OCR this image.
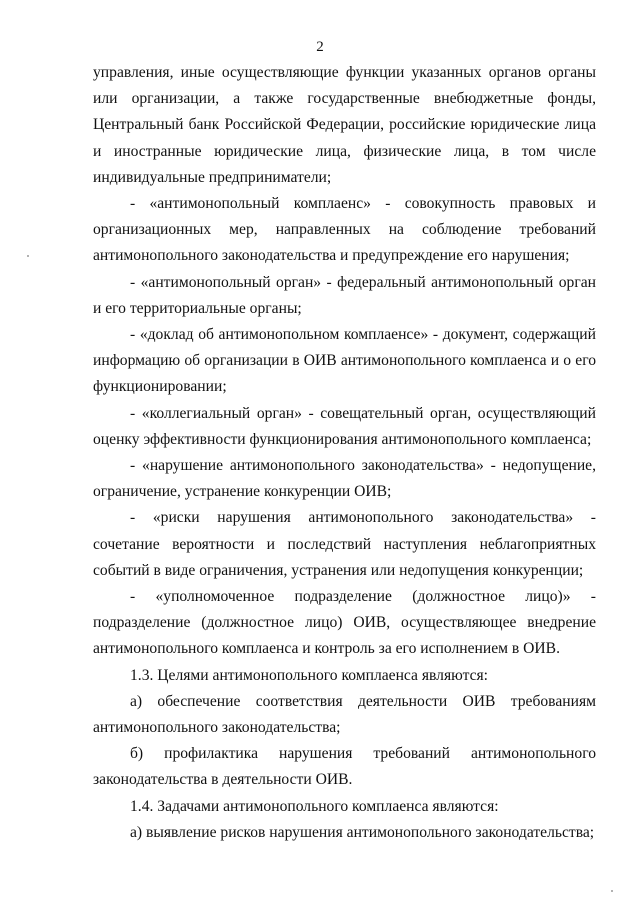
2

управления, иные осуществляющие функции указанных органов органы или организации, а также государственные внебюджетные фонды, Центральный банк Российской Федерации, российские юридические лица и иностранные юридические лица, физические лица, в том числе индивидуальные предприниматели;

- «антимонопольный комплаенс» - совокупность правовых и организационных мер, направленных на соблюдение требований антимонопольного законодательства и предупреждение его нарушения;

- «антимонопольный орган» - федеральный антимонопольный орган и его территориальные органы;

- «доклад об антимонопольном комплаенсе» - документ, содержащий информацию об организации в ОИВ антимонопольного комплаенса и о его функционировании;

- «коллегиальный орган» - совещательный орган, осуществляющий оценку эффективности функционирования антимонопольного комплаенса;

- «нарушение антимонопольного законодательства» - недопущение, ограничение, устранение конкуренции ОИВ;

- «риски нарушения антимонопольного законодательства» - сочетание вероятности и последствий наступления неблагоприятных событий в виде ограничения, устранения или недопущения конкуренции;

- «уполномоченное подразделение (должностное лицо)» - подразделение (должностное лицо) ОИВ, осуществляющее внедрение антимонопольного комплаенса и контроль за его исполнением в ОИВ.

1.3. Целями антимонопольного комплаенса являются:

а) обеспечение соответствия деятельности ОИВ требованиям антимонопольного законодательства;

б) профилактика нарушения требований антимонопольного законодательства в деятельности ОИВ.

1.4. Задачами антимонопольного комплаенса являются:

а) выявление рисков нарушения антимонопольного законодательства;
